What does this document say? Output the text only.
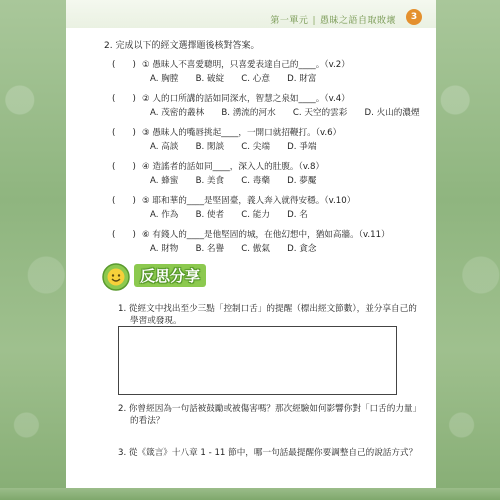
第一單元 | 愚昧之語自取敗壞 3
2. 完成以下的經文選擇題後核對答案。
(　　) ① 愚昧人不喜愛聰明，只喜愛表達自己的____。（v.2）
A. 胸膛　　B. 破綻　　C. 心意　　D. 財富
(　　) ② 人的口所講的話如同深水，智慧之泉如____。（v.4）
A. 茂密的叢林　　B. 湧流的河水　　C. 天空的雲彩　　D. 火山的濃煙
(　　) ③ 愚昧人的嘴唇挑起____，一開口就招鞭打。（v.6）
A. 高談　　B. 閑談　　C. 尖端　　D. 爭端
(　　) ④ 造謠者的話如同____，深入人的肚腹。（v.8）
A. 蜂蜜　　B. 美食　　C. 毒藥　　D. 夢魘
(　　) ⑤ 耶和華的____是堅固臺，義人奔入就得安穩。（v.10）
A. 作為　　B. 使者　　C. 能力　　D. 名
(　　) ⑥ 有錢人的____是他堅固的城，在他幻想中，猶如高牆。（v.11）
A. 財物　　B. 名譽　　C. 傲氣　　D. 貪念
反思分享
1. 從經文中找出至少三點「控制口舌」的提醒（標出經文節數），並分享自己的
學習或發現。
2. 你曾經因為一句話被鼓勵或被傷害嗎？那次經驗如何影響你對「口舌的力量」
的看法？
3. 從《箴言》十八章 1 - 11 節中，哪一句話最提醒你要調整自己的說話方式？
